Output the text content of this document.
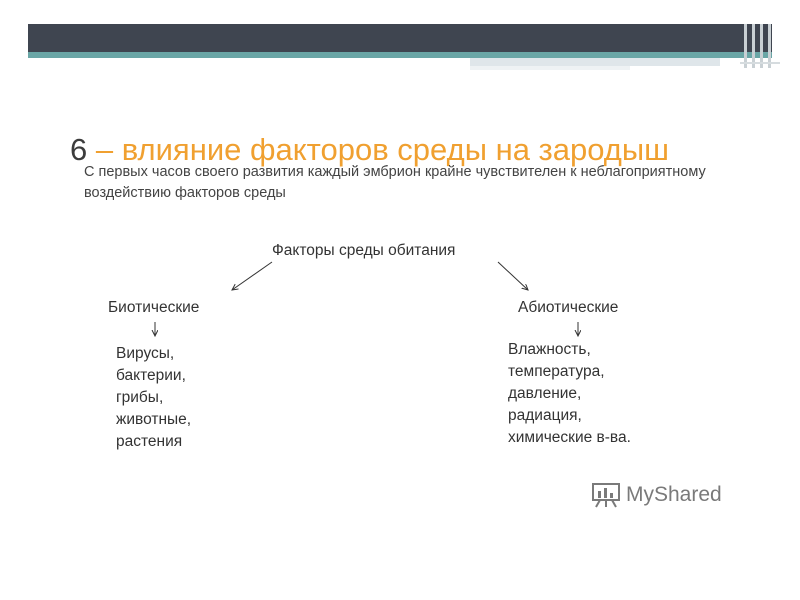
6 – влияние факторов среды на зародыш
С первых часов своего развития каждый эмбрион крайне чувствителен к неблагоприятному воздействию факторов среды
Факторы среды обитания
Биотические	Абиотические
Вирусы,
бактерии,
грибы,
животные,
растения
Влажность,
температура,
давление,
радиация,
химические в-ва.
MyShared
